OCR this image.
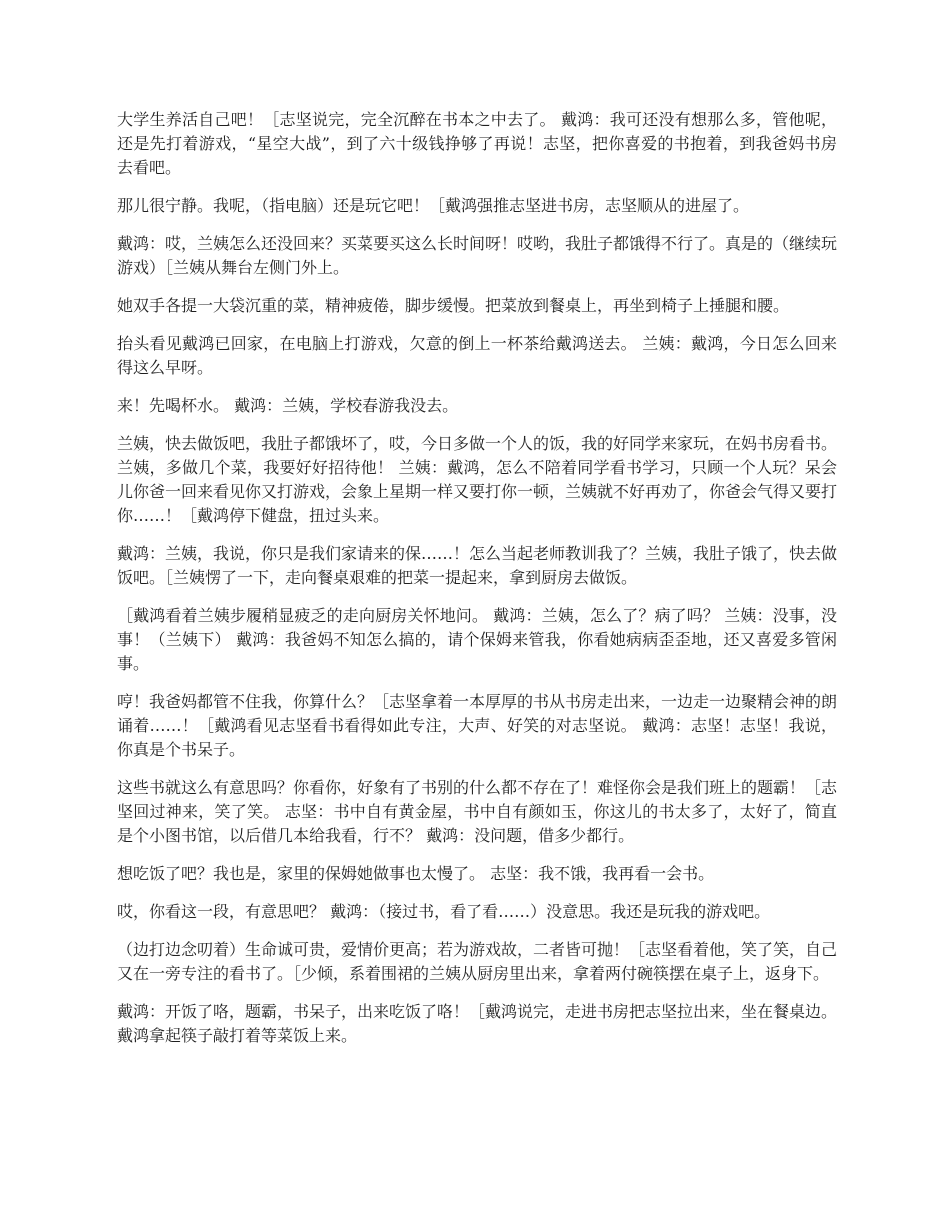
大学生养活自己吧！［志坚说完，完全沉醉在书本之中去了。 戴鸿：我可还没有想那么多，管他呢，还是先打着游戏，“星空大战”，到了六十级钱挣够了再说！志坚，把你喜爱的书抱着，到我爸妈书房去看吧。

那儿很宁静。我呢，（指电脑）还是玩它吧！［戴鸿强推志坚进书房，志坚顺从的进屋了。

戴鸿：哎，兰姨怎么还没回来？买菜要买这么长时间呀！哎哟，我肚子都饿得不行了。真是的（继续玩游戏）［兰姨从舞台左侧门外上。

她双手各提一大袋沉重的菜，精神疲倦，脚步缓慢。把菜放到餐桌上，再坐到椅子上捶腿和腰。

抬头看见戴鸿已回家，在电脑上打游戏，欠意的倒上一杯茶给戴鸿送去。 兰姨：戴鸿，今日怎么回来得这么早呀。

来！先喝杯水。 戴鸿：兰姨，学校春游我没去。

兰姨，快去做饭吧，我肚子都饿坏了，哎，今日多做一个人的饭，我的好同学来家玩，在妈书房看书。兰姨，多做几个菜，我要好好招待他！ 兰姨：戴鸿，怎么不陪着同学看书学习，只顾一个人玩？呆会儿你爸一回来看见你又打游戏，会象上星期一样又要打你一顿，兰姨就不好再劝了，你爸会气得又要打你……！［戴鸿停下健盘，扭过头来。

戴鸿：兰姨，我说，你只是我们家请来的保……！怎么当起老师教训我了？兰姨，我肚子饿了，快去做饭吧。［兰姨愣了一下，走向餐桌艰难的把菜一提起来，拿到厨房去做饭。

［戴鸿看着兰姨步履稍显疲乏的走向厨房关怀地问。 戴鸿：兰姨，怎么了？病了吗？ 兰姨：没事，没事！（兰姨下） 戴鸿：我爸妈不知怎么搞的，请个保姆来管我，你看她病病歪歪地，还又喜爱多管闲事。

哼！我爸妈都管不住我，你算什么？［志坚拿着一本厚厚的书从书房走出来，一边走一边聚精会神的朗诵着……！［戴鸿看见志坚看书看得如此专注，大声、好笑的对志坚说。 戴鸿：志坚！志坚！我说，你真是个书呆子。

这些书就这么有意思吗？你看你，好象有了书别的什么都不存在了！难怪你会是我们班上的题霸！［志坚回过神来，笑了笑。 志坚：书中自有黄金屋，书中自有颜如玉，你这儿的书太多了，太好了，简直是个小图书馆，以后借几本给我看，行不？ 戴鸿：没问题，借多少都行。

想吃饭了吧？我也是，家里的保姆她做事也太慢了。 志坚：我不饿，我再看一会书。

哎，你看这一段，有意思吧？ 戴鸿：（接过书，看了看……）没意思。我还是玩我的游戏吧。

（边打边念叨着）生命诚可贵，爱情价更高；若为游戏故，二者皆可抛！［志坚看着他，笑了笑，自己又在一旁专注的看书了。［少倾，系着围裙的兰姨从厨房里出来，拿着两付碗筷摆在桌子上，返身下。

戴鸿：开饭了咯，题霸，书呆子，出来吃饭了咯！［戴鸿说完，走进书房把志坚拉出来，坐在餐桌边。戴鸿拿起筷子敲打着等菜饭上来。
